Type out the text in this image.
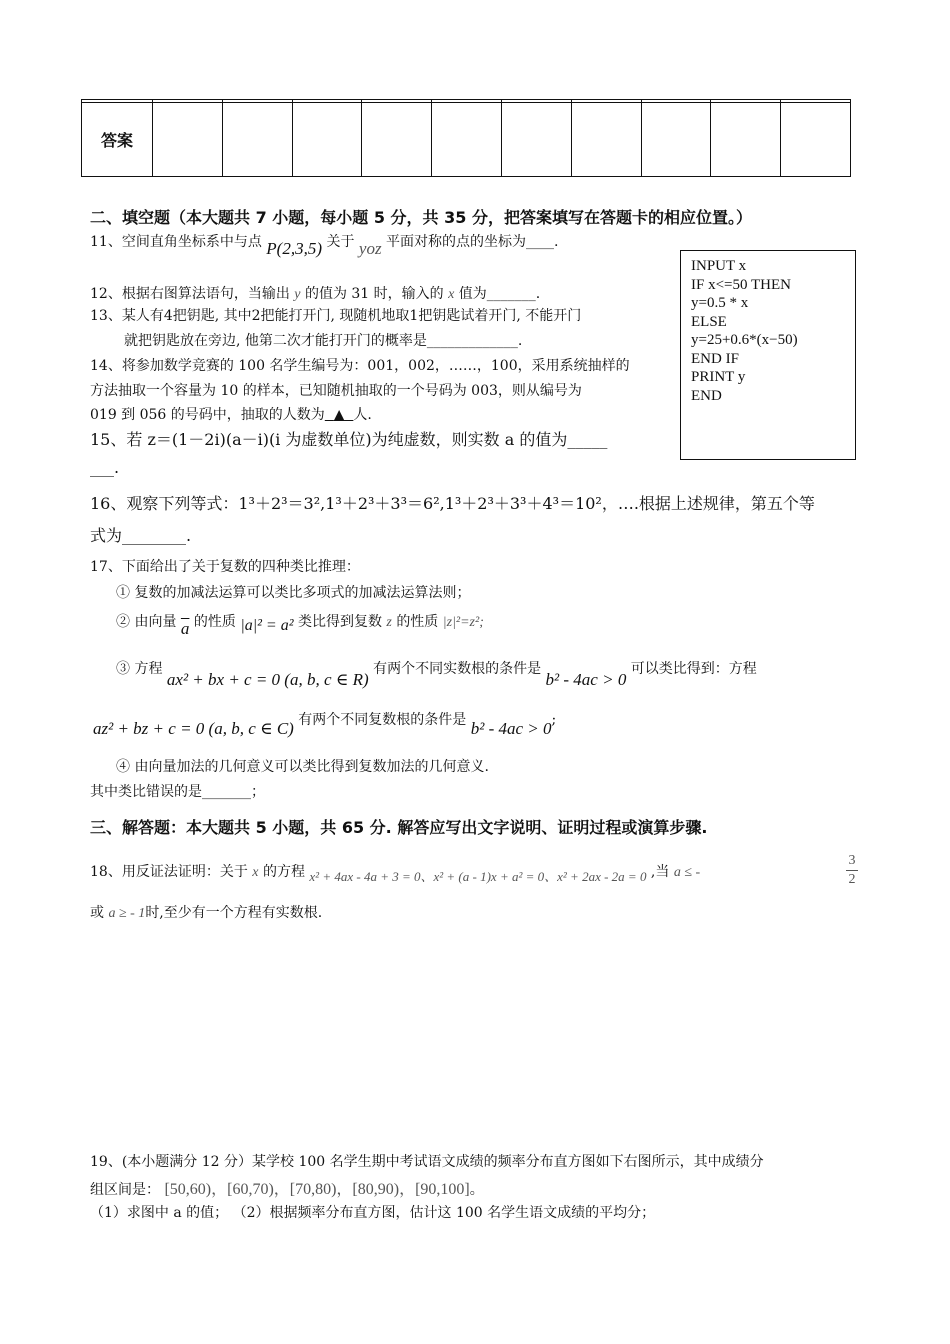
答案										
二、填空题（本大题共 7 小题，每小题 5 分，共 35 分，把答案填写在答题卡的相应位置。）
11、空间直角坐标系中与点 P(2,3,5) 关于 yoz 平面对称的点的坐标为____.
INPUT x
IF x<=50 THEN
y=0.5 * x
ELSE
y=25+0.6*(x−50)
END IF
PRINT y
END
12、根据右图算法语句，当输出 y 的值为 31 时，输入的 x 值为_______.
13、某人有4把钥匙, 其中2把能打开门, 现随机地取1把钥匙试着开门, 不能开门
就把钥匙放在旁边, 他第二次才能打开门的概率是_____________.
14、将参加数学竞赛的 100 名学生编号为：001，002，……，100，采用系统抽样的
方法抽取一个容量为 10 的样本，已知随机抽取的一个号码为 003，则从编号为
019 到 056 的号码中，抽取的人数为 ▲ 人.
15、若 z＝(1－2i)(a－i)(i 为虚数单位)为纯虚数，则实数 a 的值为_____
___.
16、观察下列等式：1³＋2³＝3²,1³＋2³＋3³＝6²,1³＋2³＋3³＋4³＝10²，….根据上述规律，第五个等
式为________.
17、下面给出了关于复数的四种类比推理：
① 复数的加减法运算可以类比多项式的加减法运算法则；
② 由向量 $\overline{a}$ 的性质 |a|² = a² 类比得到复数 z 的性质 |z|²=z²;
③ 方程 ax² + bx + c = 0 (a, b, c ∈ R) 有两个不同实数根的条件是 b² - 4ac > 0 可以类比得到：方程
az² + bz + c = 0 (a, b, c ∈ C) 有两个不同复数根的条件是 b² - 4ac > 0;
④ 由向量加法的几何意义可以类比得到复数加法的几何意义.
其中类比错误的是_______；
三、解答题：本大题共 5 小题，共 65 分. 解答应写出文字说明、证明过程或演算步骤.
18、用反证法证明：关于 x 的方程 x² + 4ax - 4a + 3 = 0、x² + (a - 1)x + a² = 0、x² + 2ax - 2a = 0 ,当 a ≤ -	$\frac{3}{2}$
或 a ≥ - 1时,至少有一个方程有实数根.
19、(本小题满分 12 分）某学校 100 名学生期中考试语文成绩的频率分布直方图如下右图所示，其中成绩分
组区间是： [50,60)，[60,70)，[70,80)，[80,90)，[90,100]。
（1）求图中 a 的值； （2）根据频率分布直方图，估计这 100 名学生语文成绩的平均分；
